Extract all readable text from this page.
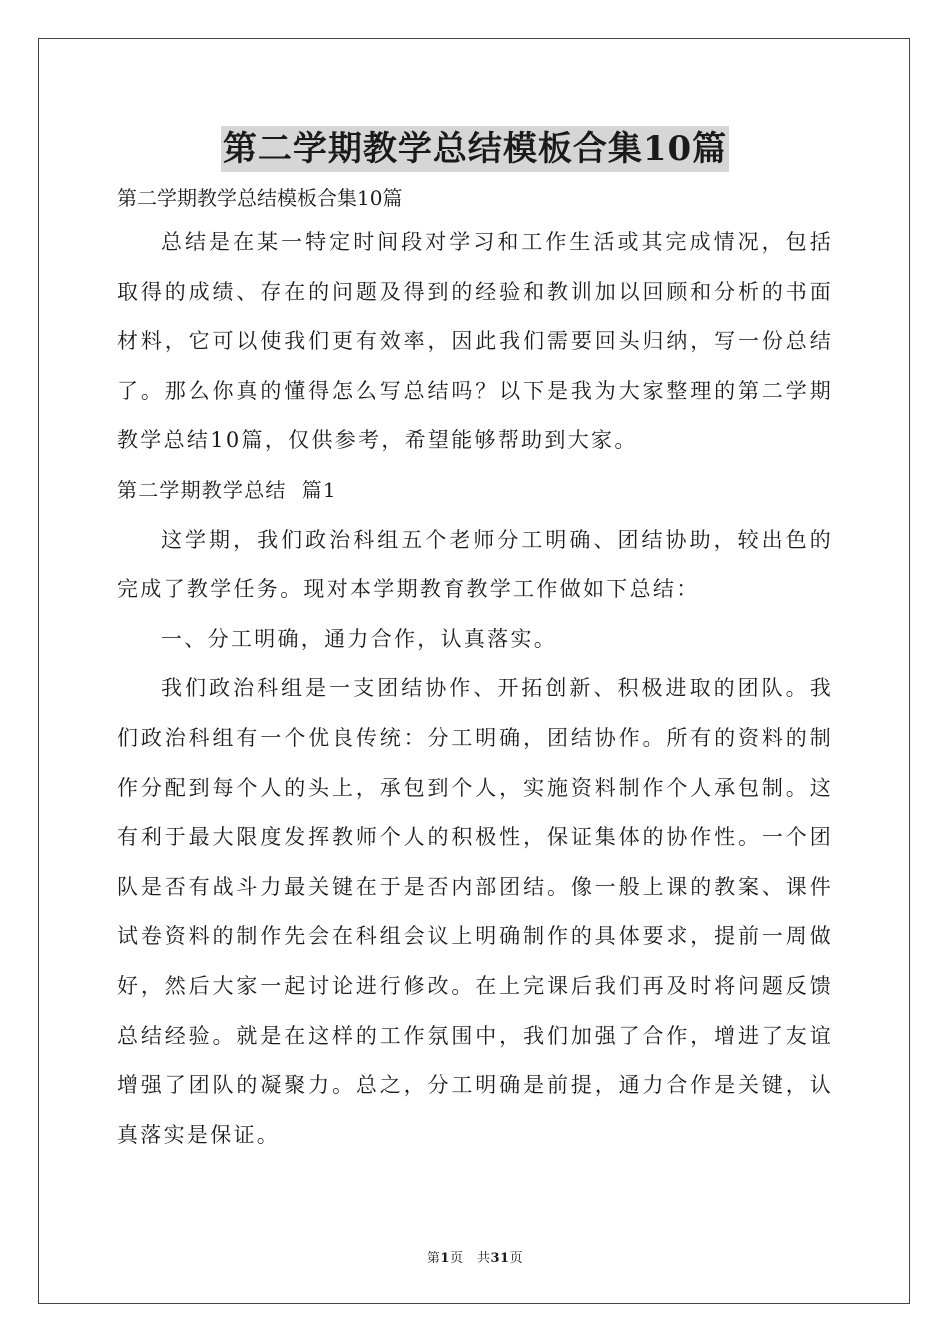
第二学期教学总结模板合集10篇
第二学期教学总结模板合集10篇
总结是在某一特定时间段对学习和工作生活或其完成情况，包括
取得的成绩、存在的问题及得到的经验和教训加以回顾和分析的书面
材料，它可以使我们更有效率，因此我们需要回头归纳，写一份总结
了。那么你真的懂得怎么写总结吗？以下是我为大家整理的第二学期
教学总结10篇，仅供参考，希望能够帮助到大家。
第二学期教学总结  篇1
这学期，我们政治科组五个老师分工明确、团结协助，较出色的
完成了教学任务。现对本学期教育教学工作做如下总结：
一、分工明确，通力合作，认真落实。
我们政治科组是一支团结协作、开拓创新、积极进取的团队。我
们政治科组有一个优良传统：分工明确，团结协作。所有的资料的制
作分配到每个人的头上，承包到个人，实施资料制作个人承包制。这
有利于最大限度发挥教师个人的积极性，保证集体的协作性。一个团
队是否有战斗力最关键在于是否内部团结。像一般上课的教案、课件
试卷资料的制作先会在科组会议上明确制作的具体要求，提前一周做
好，然后大家一起讨论进行修改。在上完课后我们再及时将问题反馈
总结经验。就是在这样的工作氛围中，我们加强了合作，增进了友谊
增强了团队的凝聚力。总之，分工明确是前提，通力合作是关键，认
真落实是保证。
第1页　共31页
